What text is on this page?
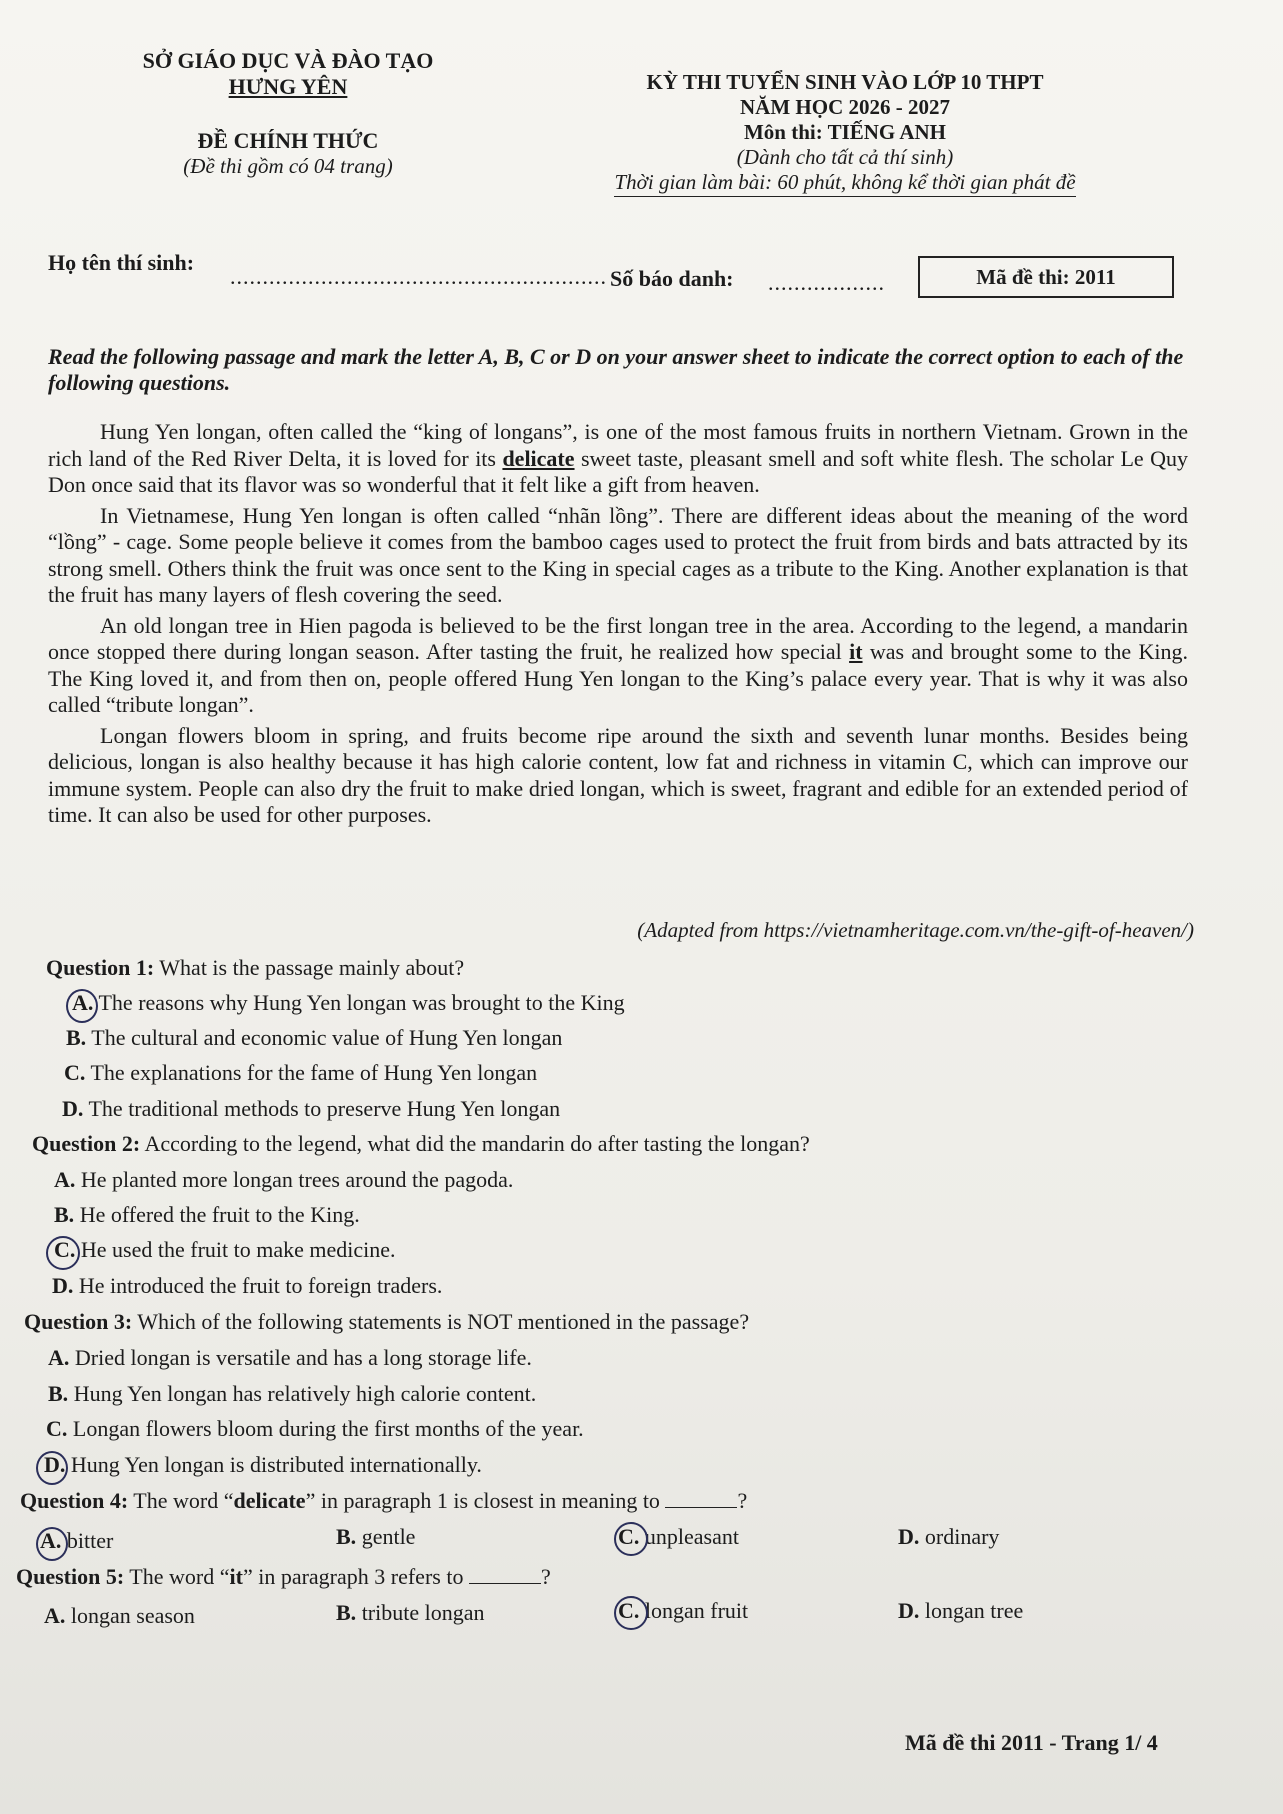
SỞ GIÁO DỤC VÀ ĐÀO TẠO
HƯNG YÊN
ĐỀ CHÍNH THỨC
(Đề thi gồm có 04 trang)
KỲ THI TUYỂN SINH VÀO LỚP 10 THPT
NĂM HỌC 2026 - 2027
Môn thi: TIẾNG ANH
(Dành cho tất cả thí sinh)
Thời gian làm bài: 60 phút, không kể thời gian phát đề
Họ tên thí sinh:
.......................................................... Số báo danh: ..................	Mã đề thi: 2011
Read the following passage and mark the letter A, B, C or D on your answer sheet to indicate the correct option to each of the following questions.

Hung Yen longan, often called the “king of longans”, is one of the most famous fruits in northern Vietnam. Grown in the rich land of the Red River Delta, it is loved for its delicate sweet taste, pleasant smell and soft white flesh. The scholar Le Quy Don once said that its flavor was so wonderful that it felt like a gift from heaven.

In Vietnamese, Hung Yen longan is often called “nhãn lồng”. There are different ideas about the meaning of the word “lồng” - cage. Some people believe it comes from the bamboo cages used to protect the fruit from birds and bats attracted by its strong smell. Others think the fruit was once sent to the King in special cages as a tribute to the King. Another explanation is that the fruit has many layers of flesh covering the seed.

An old longan tree in Hien pagoda is believed to be the first longan tree in the area. According to the legend, a mandarin once stopped there during longan season. After tasting the fruit, he realized how special it was and brought some to the King. The King loved it, and from then on, people offered Hung Yen longan to the King’s palace every year. That is why it was also called “tribute longan”.

Longan flowers bloom in spring, and fruits become ripe around the sixth and seventh lunar months. Besides being delicious, longan is also healthy because it has high calorie content, low fat and richness in vitamin C, which can improve our immune system. People can also dry the fruit to make dried longan, which is sweet, fragrant and edible for an extended period of time. It can also be used for other purposes.

(Adapted from https://vietnamheritage.com.vn/the-gift-of-heaven/)
Question 1: What is the passage mainly about?
A. The reasons why Hung Yen longan was brought to the King
B. The cultural and economic value of Hung Yen longan
C. The explanations for the fame of Hung Yen longan
D. The traditional methods to preserve Hung Yen longan
Question 2: According to the legend, what did the mandarin do after tasting the longan?
A. He planted more longan trees around the pagoda.
B. He offered the fruit to the King.
C. He used the fruit to make medicine.
D. He introduced the fruit to foreign traders.
Question 3: Which of the following statements is NOT mentioned in the passage?
A. Dried longan is versatile and has a long storage life.
B. Hung Yen longan has relatively high calorie content.
C. Longan flowers bloom during the first months of the year.
D. Hung Yen longan is distributed internationally.
Question 4: The word “delicate” in paragraph 1 is closest in meaning to	?
A. bitter	B. gentle	C. unpleasant	D. ordinary
Question 5: The word “it” in paragraph 3 refers to	?
A. longan season	B. tribute longan	C. longan fruit	D. longan tree
Mã đề thi 2011 - Trang 1/ 4
